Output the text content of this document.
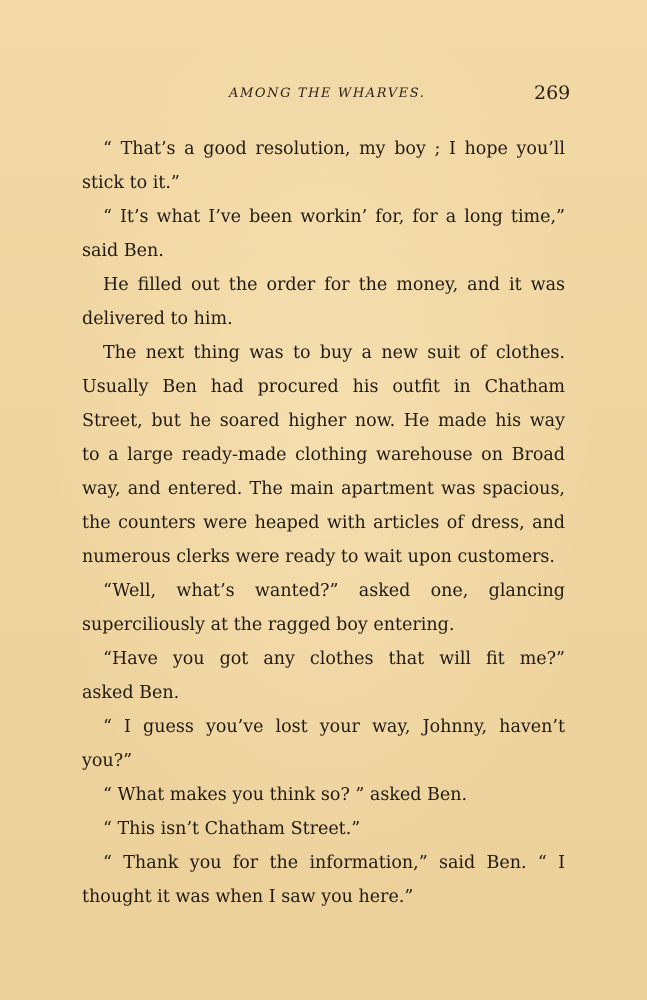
AMONG THE WHARVES.	269
“ That’s a good resolution, my boy ; I hope you’ll
stick to it.”
“ It’s what I’ve been workin’ for, for a long time,”
said Ben.
He filled out the order for the money, and it was
delivered to him.
The next thing was to buy a new suit of clothes.
Usually Ben had procured his outfit in Chatham
Street, but he soared higher now. He made his way
to a large ready-made clothing warehouse on Broad
way, and entered. The main apartment was spacious,
the counters were heaped with articles of dress, and
numerous clerks were ready to wait upon customers.
“Well, what’s wanted?” asked one, glancing
superciliously at the ragged boy entering.
“Have you got any clothes that will fit me?”
asked Ben.
“ I guess you’ve lost your way, Johnny, haven’t
you?”
“ What makes you think so? ” asked Ben.
“ This isn’t Chatham Street.”
“ Thank you for the information,” said Ben. “ I
thought it was when I saw you here.”
